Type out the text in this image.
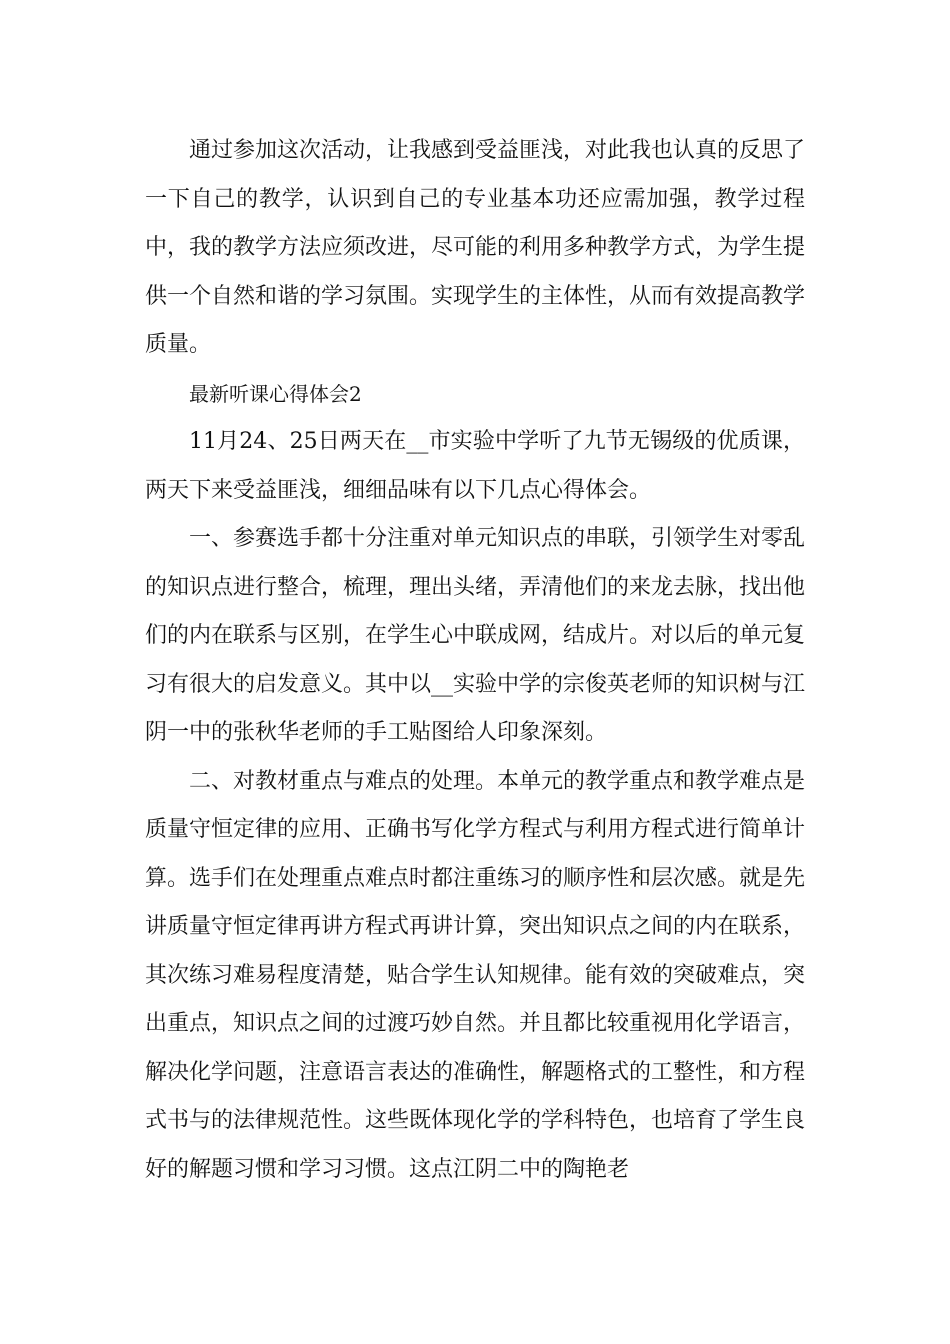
通过参加这次活动，让我感到受益匪浅，对此我也认真的反思了一下自己的教学，认识到自己的专业基本功还应需加强，教学过程中，我的教学方法应须改进，尽可能的利用多种教学方式，为学生提供一个自然和谐的学习氛围。实现学生的主体性，从而有效提高教学质量。

最新听课心得体会2

11月24、25日两天在__市实验中学听了九节无锡级的优质课，两天下来受益匪浅，细细品味有以下几点心得体会。

一、参赛选手都十分注重对单元知识点的串联，引领学生对零乱的知识点进行整合，梳理，理出头绪，弄清他们的来龙去脉，找出他们的内在联系与区别，在学生心中联成网，结成片。对以后的单元复习有很大的启发意义。其中以__实验中学的宗俊英老师的知识树与江阴一中的张秋华老师的手工贴图给人印象深刻。

二、对教材重点与难点的处理。本单元的教学重点和教学难点是质量守恒定律的应用、正确书写化学方程式与利用方程式进行简单计算。选手们在处理重点难点时都注重练习的顺序性和层次感。就是先讲质量守恒定律再讲方程式再讲计算，突出知识点之间的内在联系，其次练习难易程度清楚，贴合学生认知规律。能有效的突破难点，突出重点，知识点之间的过渡巧妙自然。并且都比较重视用化学语言，解决化学问题，注意语言表达的准确性，解题格式的工整性，和方程式书与的法律规范性。这些既体现化学的学科特色，也培育了学生良好的解题习惯和学习习惯。这点江阴二中的陶艳老
